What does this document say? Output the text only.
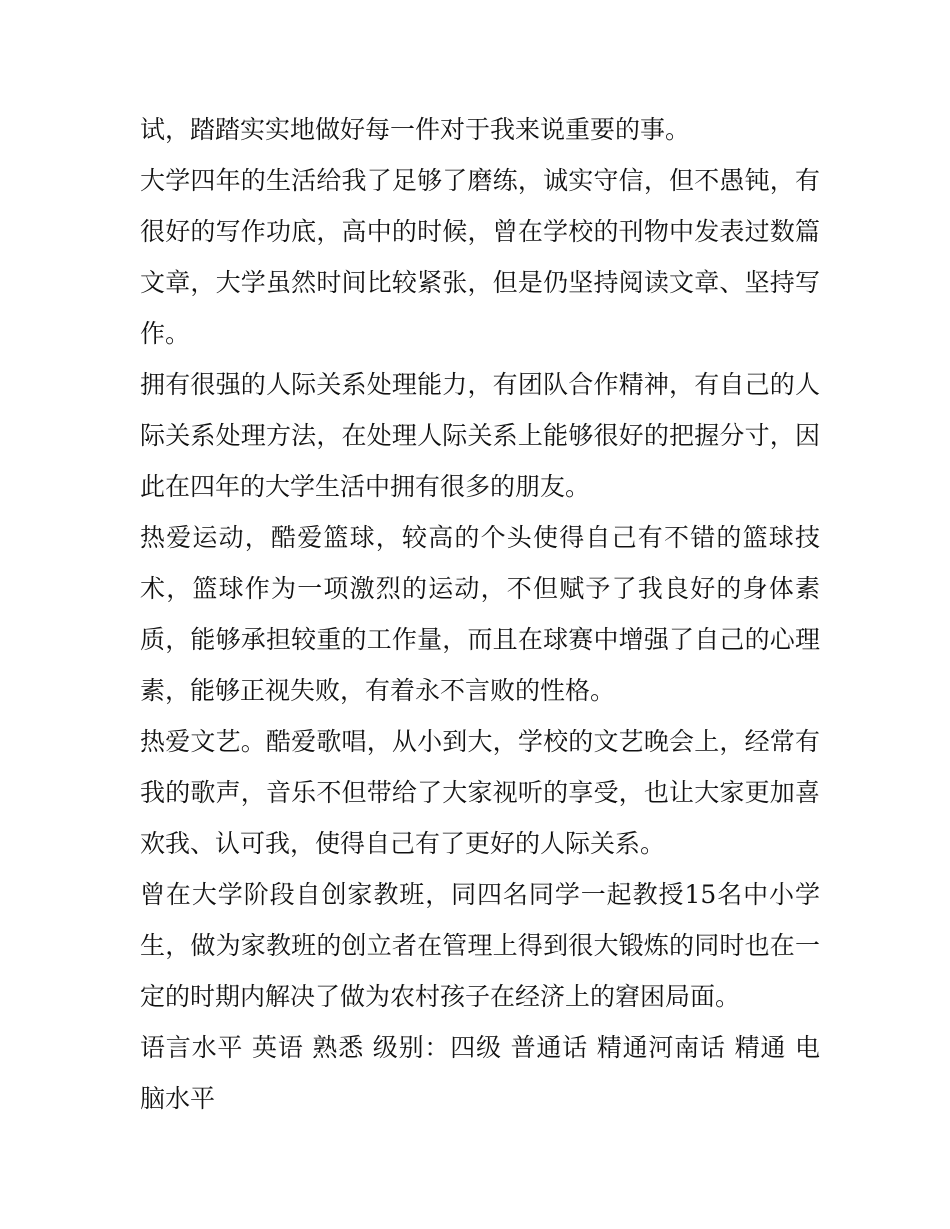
试，踏踏实实地做好每一件对于我来说重要的事。

大学四年的生活给我了足够了磨练，诚实守信，但不愚钝，有很好的写作功底，高中的时候，曾在学校的刊物中发表过数篇文章，大学虽然时间比较紧张，但是仍坚持阅读文章、坚持写作。

拥有很强的人际关系处理能力，有团队合作精神，有自己的人际关系处理方法，在处理人际关系上能够很好的把握分寸，因此在四年的大学生活中拥有很多的朋友。

热爱运动，酷爱篮球，较高的个头使得自己有不错的篮球技术，篮球作为一项激烈的运动，不但赋予了我良好的身体素质，能够承担较重的工作量，而且在球赛中增强了自己的心理素，能够正视失败，有着永不言败的性格。

热爱文艺。酷爱歌唱，从小到大，学校的文艺晚会上，经常有我的歌声，音乐不但带给了大家视听的享受，也让大家更加喜欢我、认可我，使得自己有了更好的人际关系。

曾在大学阶段自创家教班，同四名同学一起教授15名中小学生，做为家教班的创立者在管理上得到很大锻炼的同时也在一定的时期内解决了做为农村孩子在经济上的窘困局面。

语言水平 英语 熟悉 级别：四级 普通话 精通河南话 精通 电脑水平
